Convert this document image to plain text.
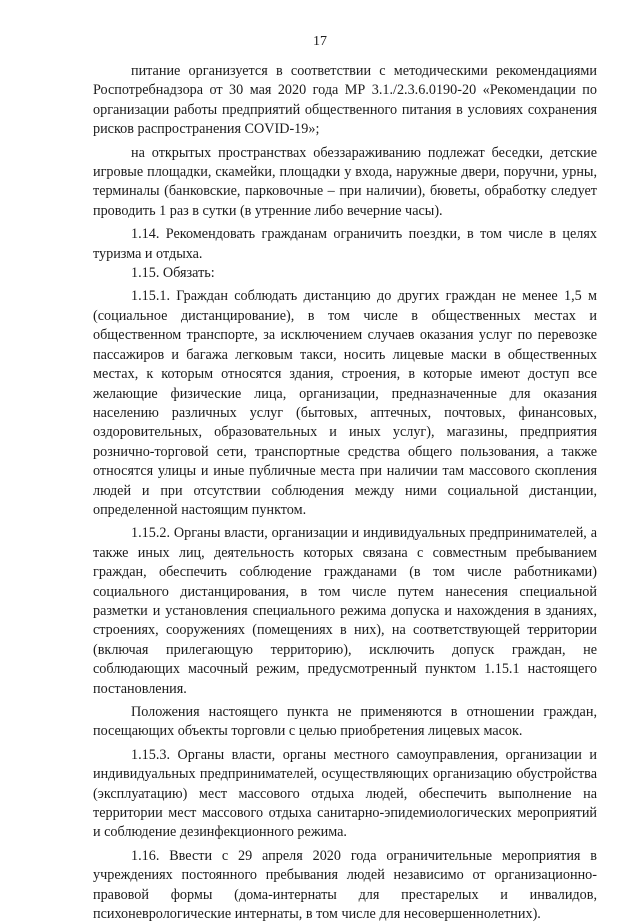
17

питание организуется в соответствии с методическими рекомендациями Роспотребнадзора от 30 мая 2020 года МР 3.1./2.3.6.0190-20 «Рекомендации по организации работы предприятий общественного питания в условиях сохранения рисков распространения COVID-19»;

на открытых пространствах обеззараживанию подлежат беседки, детские игровые площадки, скамейки, площадки у входа, наружные двери, поручни, урны, терминалы (банковские, парковочные – при наличии), бюветы, обработку следует проводить 1 раз в сутки (в утренние либо вечерние часы).

1.14. Рекомендовать гражданам ограничить поездки, в том числе в целях туризма и отдыха.

1.15. Обязать:

1.15.1. Граждан соблюдать дистанцию до других граждан не менее 1,5 м (социальное дистанцирование), в том числе в общественных местах и общественном транспорте, за исключением случаев оказания услуг по перевозке пассажиров и багажа легковым такси, носить лицевые маски в общественных местах, к которым относятся здания, строения, в которые имеют доступ все желающие физические лица, организации, предназначенные для оказания населению различных услуг (бытовых, аптечных, почтовых, финансовых, оздоровительных, образовательных и иных услуг), магазины, предприятия рознично-торговой сети, транспортные средства общего пользования, а также относятся улицы и иные публичные места при наличии там массового скопления людей и при отсутствии соблюдения между ними социальной дистанции, определенной настоящим пунктом.

1.15.2. Органы власти, организации и индивидуальных предпринимателей, а также иных лиц, деятельность которых связана с совместным пребыванием граждан, обеспечить соблюдение гражданами (в том числе работниками) социального дистанцирования, в том числе путем нанесения специальной разметки и установления специального режима допуска и нахождения в зданиях, строениях, сооружениях (помещениях в них), на соответствующей территории (включая прилегающую территорию), исключить допуск граждан, не соблюдающих масочный режим, предусмотренный пунктом 1.15.1 настоящего постановления.

Положения настоящего пункта не применяются в отношении граждан, посещающих объекты торговли с целью приобретения лицевых масок.

1.15.3. Органы власти, органы местного самоуправления, организации и индивидуальных предпринимателей, осуществляющих организацию обустройства (эксплуатацию) мест массового отдыха людей, обеспечить выполнение на территории мест массового отдыха санитарно-эпидемиологических мероприятий и соблюдение дезинфекционного режима.

1.16. Ввести с 29 апреля 2020 года ограничительные мероприятия в учреждениях постоянного пребывания людей независимо от организационно-правовой формы (дома-интернаты для престарелых и инвалидов, психоневрологические интернаты, в том числе для несовершеннолетних).
